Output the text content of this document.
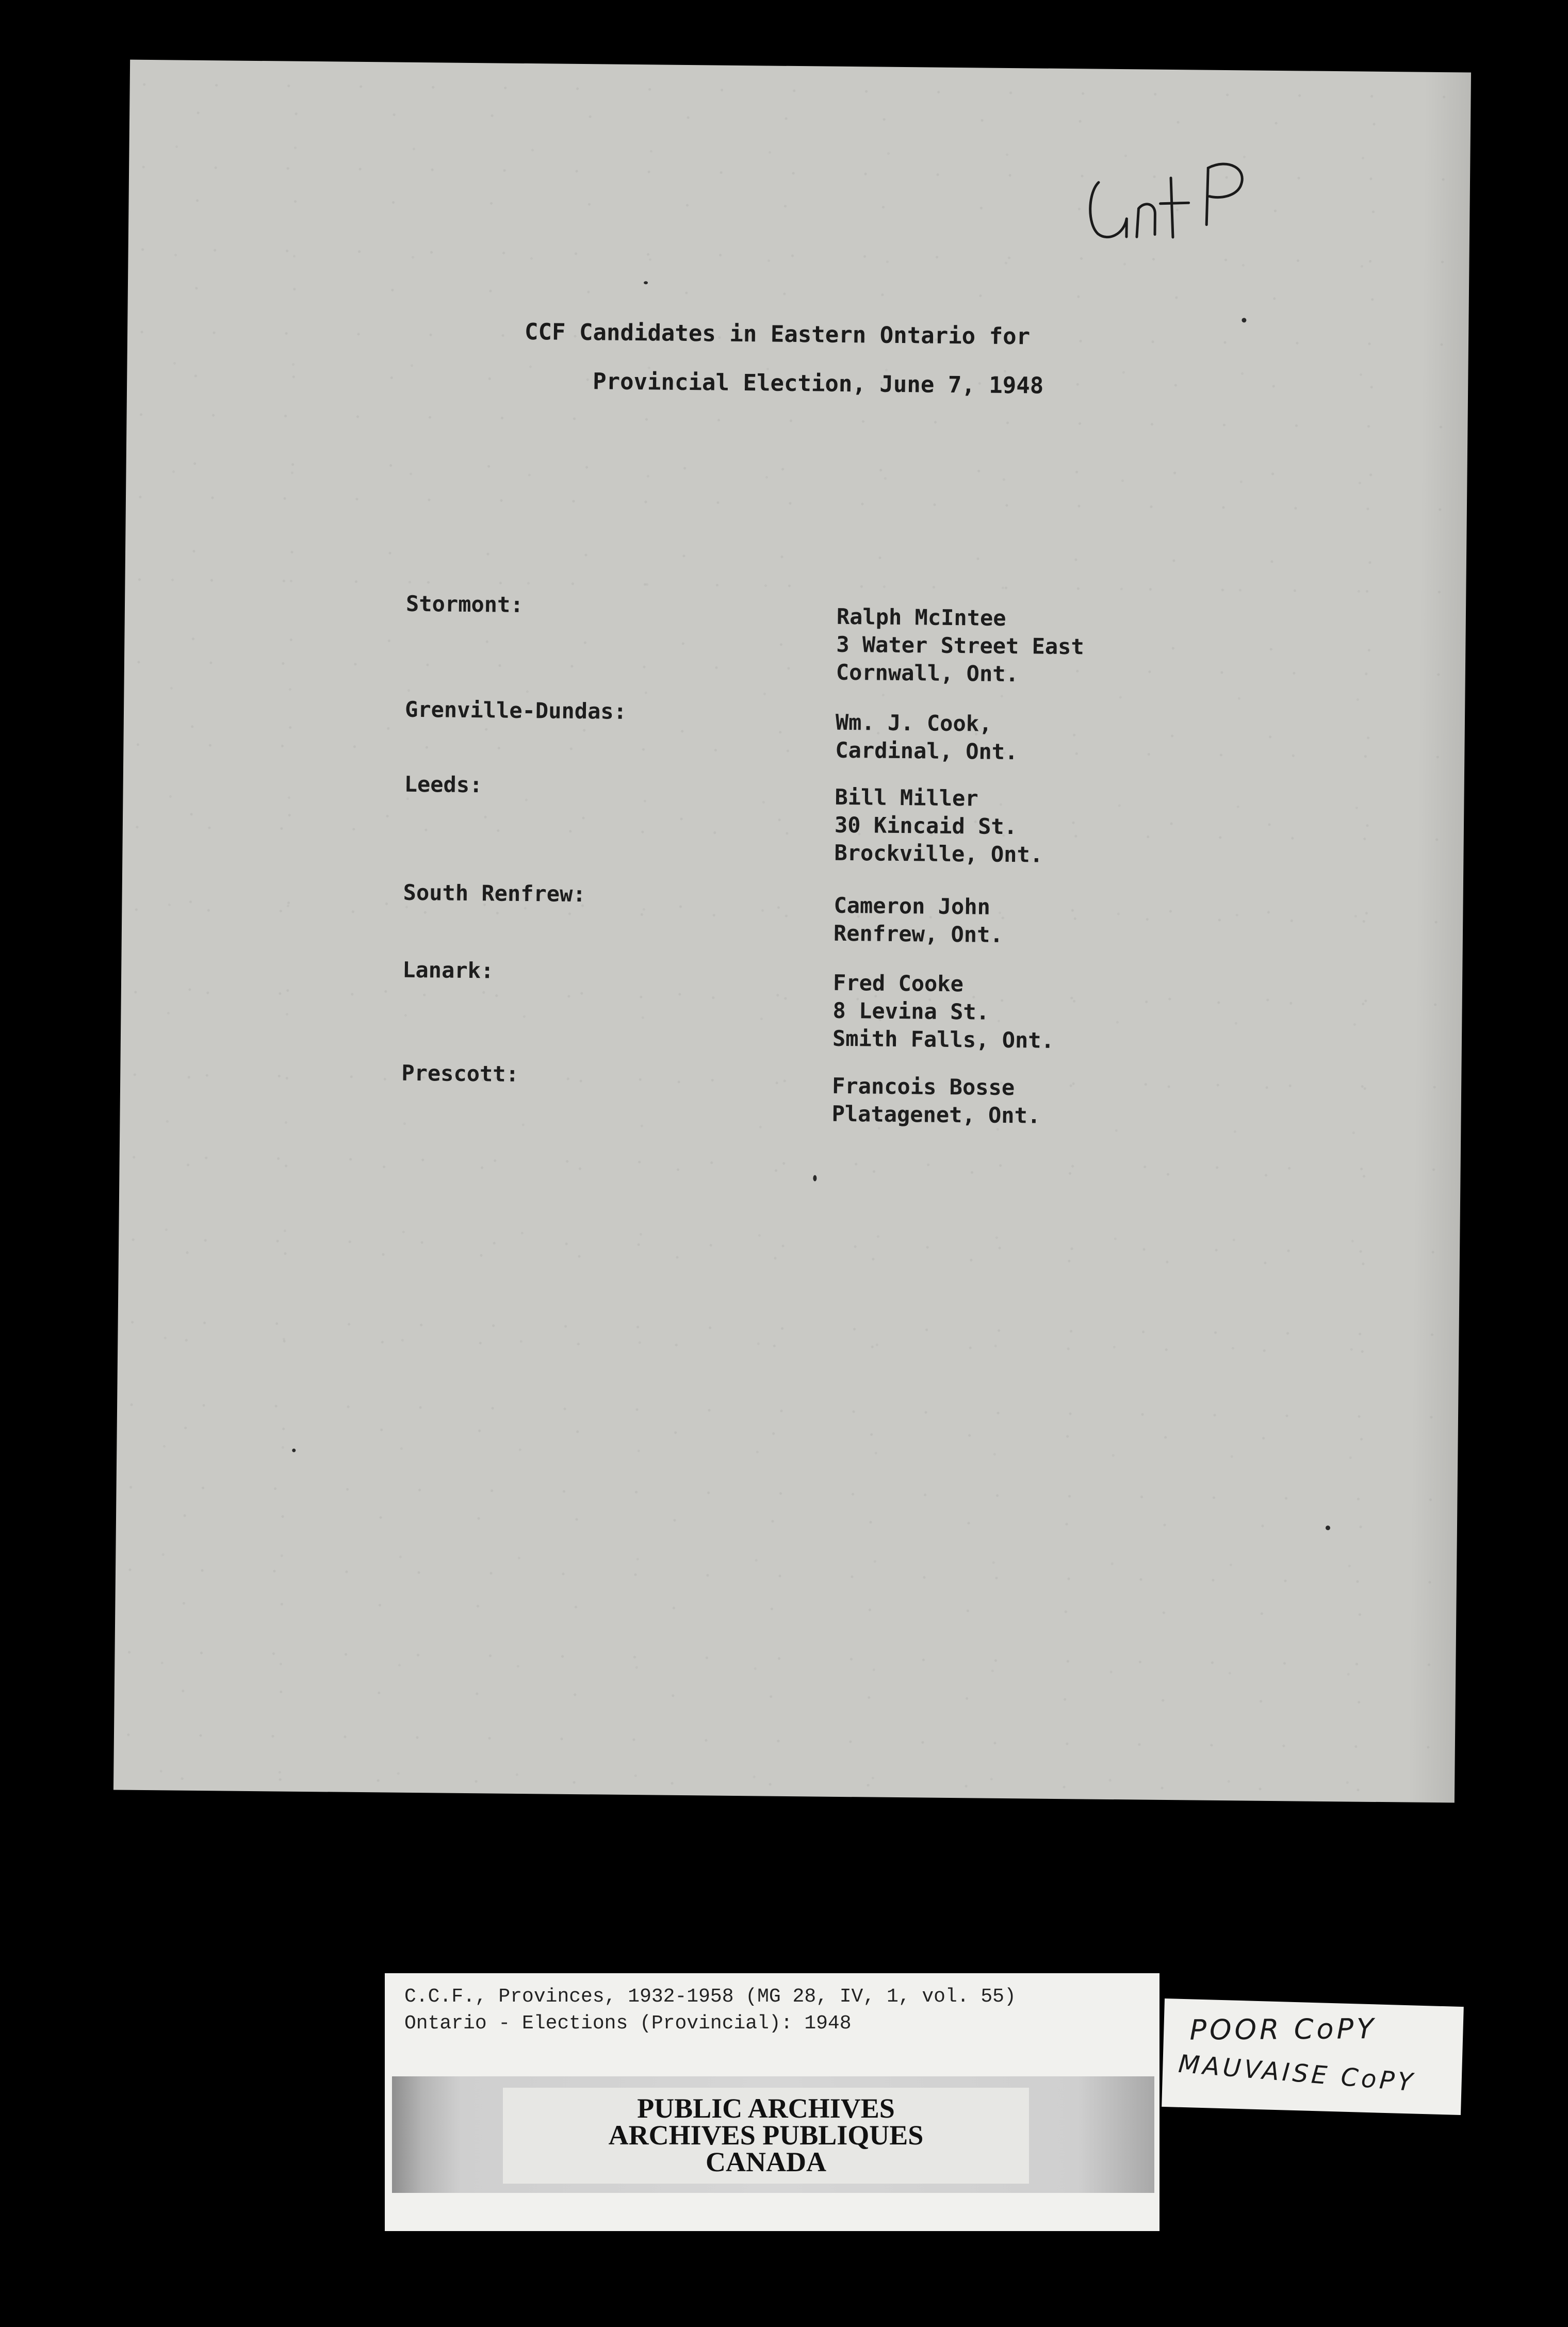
CCF Candidates in Eastern Ontario for
Provincial Election, June 7, 1948
Stormont:	Ralph McIntee
3 Water Street East
Cornwall, Ont.
Grenville-Dundas:	Wm. J. Cook,
Cardinal, Ont.
Leeds:	Bill Miller
30 Kincaid St.
Brockville, Ont.
South Renfrew:	Cameron John
Renfrew, Ont.
Lanark:	Fred Cooke
8 Levina St.
Smith Falls, Ont.
Prescott:	Francois Bosse
Platagenet, Ont.
C.C.F., Provinces, 1932-1958 (MG 28, IV, 1, vol. 55)
Ontario - Elections (Provincial): 1948
PUBLIC ARCHIVES
ARCHIVES PUBLIQUES
CANADA
POOR CoPY
MAUVAISE CoPY
